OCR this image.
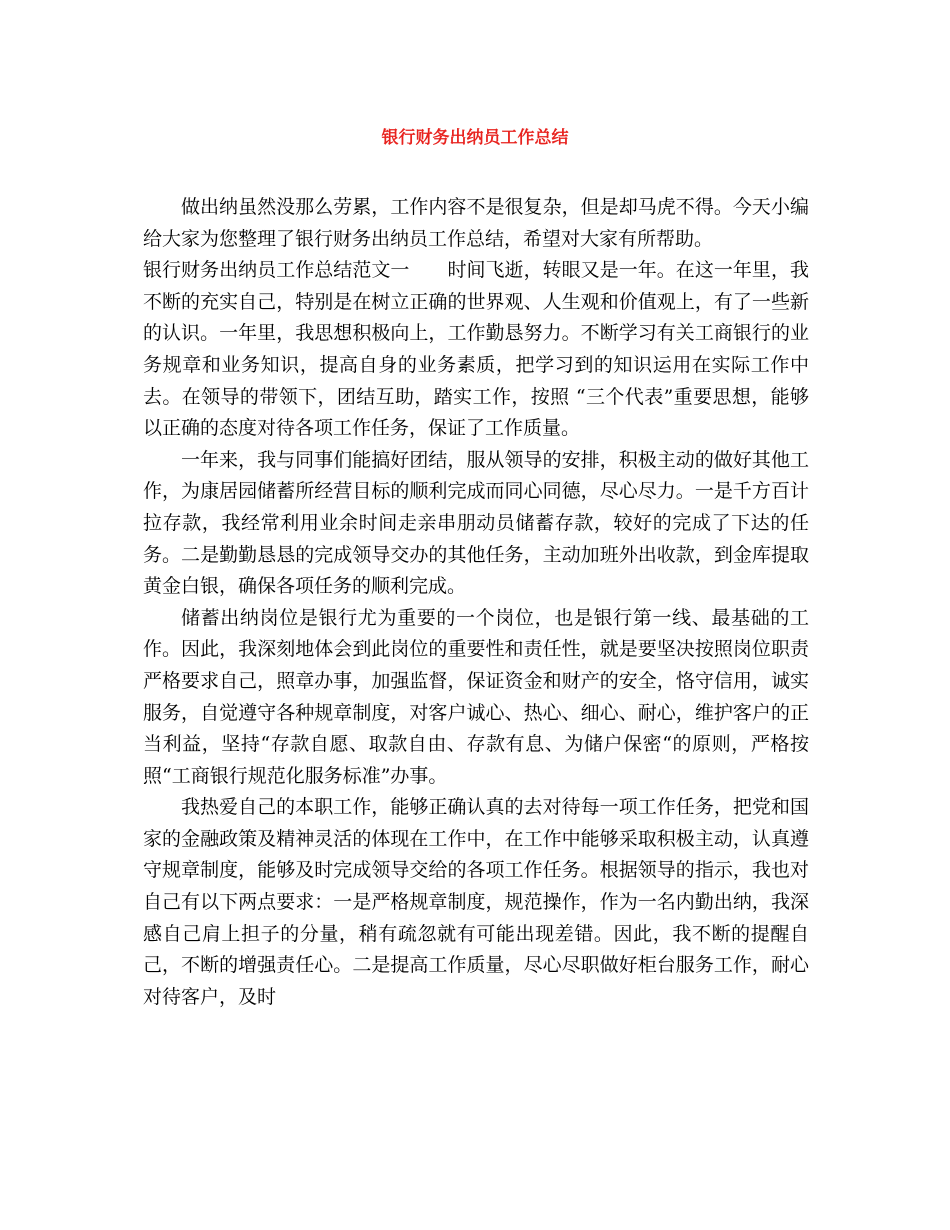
银行财务出纳员工作总结

做出纳虽然没那么劳累，工作内容不是很复杂，但是却马虎不得。今天小编给大家为您整理了银行财务出纳员工作总结，希望对大家有所帮助。

银行财务出纳员工作总结范文一　　时间飞逝，转眼又是一年。在这一年里，我不断的充实自己，特别是在树立正确的世界观、人生观和价值观上，有了一些新的认识。一年里，我思想积极向上，工作勤恳努力。不断学习有关工商银行的业务规章和业务知识，提高自身的业务素质，把学习到的知识运用在实际工作中去。在领导的带领下，团结互助，踏实工作，按照 “三个代表”重要思想，能够以正确的态度对待各项工作任务，保证了工作质量。

一年来，我与同事们能搞好团结，服从领导的安排，积极主动的做好其他工作，为康居园储蓄所经营目标的顺利完成而同心同德，尽心尽力。一是千方百计拉存款，我经常利用业余时间走亲串朋动员储蓄存款，较好的完成了下达的任务。二是勤勤恳恳的完成领导交办的其他任务，主动加班外出收款，到金库提取黄金白银，确保各项任务的顺利完成。

储蓄出纳岗位是银行尤为重要的一个岗位，也是银行第一线、最基础的工作。因此，我深刻地体会到此岗位的重要性和责任性，就是要坚决按照岗位职责严格要求自己，照章办事，加强监督，保证资金和财产的安全，恪守信用，诚实服务，自觉遵守各种规章制度，对客户诚心、热心、细心、耐心，维护客户的正当利益，坚持“存款自愿、取款自由、存款有息、为储户保密“的原则，严格按照“工商银行规范化服务标准”办事。

我热爱自己的本职工作，能够正确认真的去对待每一项工作任务，把党和国家的金融政策及精神灵活的体现在工作中，在工作中能够采取积极主动，认真遵守规章制度，能够及时完成领导交给的各项工作任务。根据领导的指示，我也对自己有以下两点要求：一是严格规章制度，规范操作，作为一名内勤出纳，我深感自己肩上担子的分量，稍有疏忽就有可能出现差错。因此，我不断的提醒自己，不断的增强责任心。二是提高工作质量，尽心尽职做好柜台服务工作，耐心对待客户，及时
